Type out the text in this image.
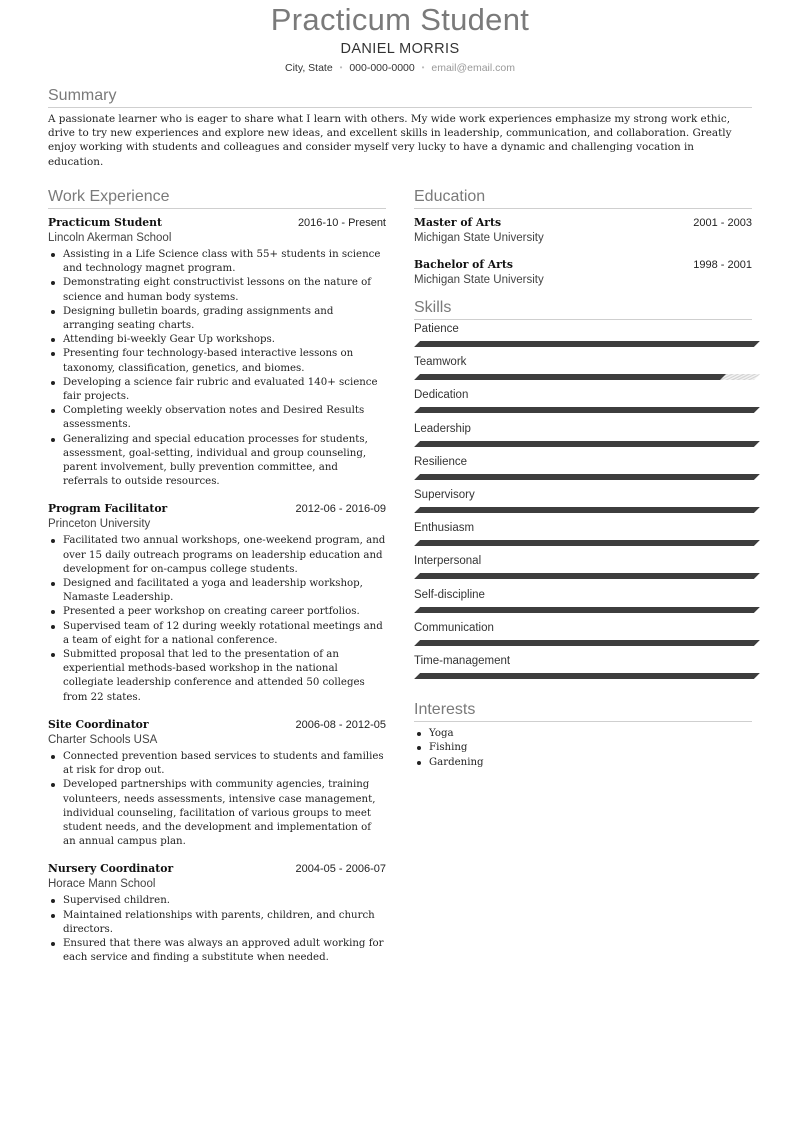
Practicum Student
DANIEL MORRIS
City, State • 000-000-0000 • email@email.com
Summary

A passionate learner who is eager to share what I learn with others. My wide work experiences emphasize my strong work ethic, drive to try new experiences and explore new ideas, and excellent skills in leadership, communication, and collaboration. Greatly enjoy working with students and colleagues and consider myself very lucky to have a dynamic and challenging vocation in education.

Work Experience
Practicum Student	2016-10 - Present
Lincoln Akerman School
Assisting in a Life Science class with 55+ students in science and technology magnet program.
Demonstrating eight constructivist lessons on the nature of science and human body systems.
Designing bulletin boards, grading assignments and arranging seating charts.
Attending bi-weekly Gear Up workshops.
Presenting four technology-based interactive lessons on taxonomy, classification, genetics, and biomes.
Developing a science fair rubric and evaluated 140+ science fair projects.
Completing weekly observation notes and Desired Results assessments.
Generalizing and special education processes for students, assessment, goal-setting, individual and group counseling, parent involvement, bully prevention committee, and referrals to outside resources.
Program Facilitator	2012-06 - 2016-09
Princeton University
Facilitated two annual workshops, one-weekend program, and over 15 daily outreach programs on leadership education and development for on-campus college students.
Designed and facilitated a yoga and leadership workshop, Namaste Leadership.
Presented a peer workshop on creating career portfolios.
Supervised team of 12 during weekly rotational meetings and a team of eight for a national conference.
Submitted proposal that led to the presentation of an experiential methods-based workshop in the national collegiate leadership conference and attended 50 colleges from 22 states.
Site Coordinator	2006-08 - 2012-05
Charter Schools USA
Connected prevention based services to students and families at risk for drop out.
Developed partnerships with community agencies, training volunteers, needs assessments, intensive case management, individual counseling, facilitation of various groups to meet student needs, and the development and implementation of an annual campus plan.
Nursery Coordinator	2004-05 - 2006-07
Horace Mann School
Supervised children.
Maintained relationships with parents, children, and church directors.
Ensured that there was always an approved adult working for each service and finding a substitute when needed.
Education
Master of Arts	2001 - 2003
Michigan State University
Bachelor of Arts	1998 - 2001
Michigan State University
Skills
Patience
Teamwork
Dedication
Leadership
Resilience
Supervisory
Enthusiasm
Interpersonal
Self-discipline
Communication
Time-management
Interests
Yoga
Fishing
Gardening
